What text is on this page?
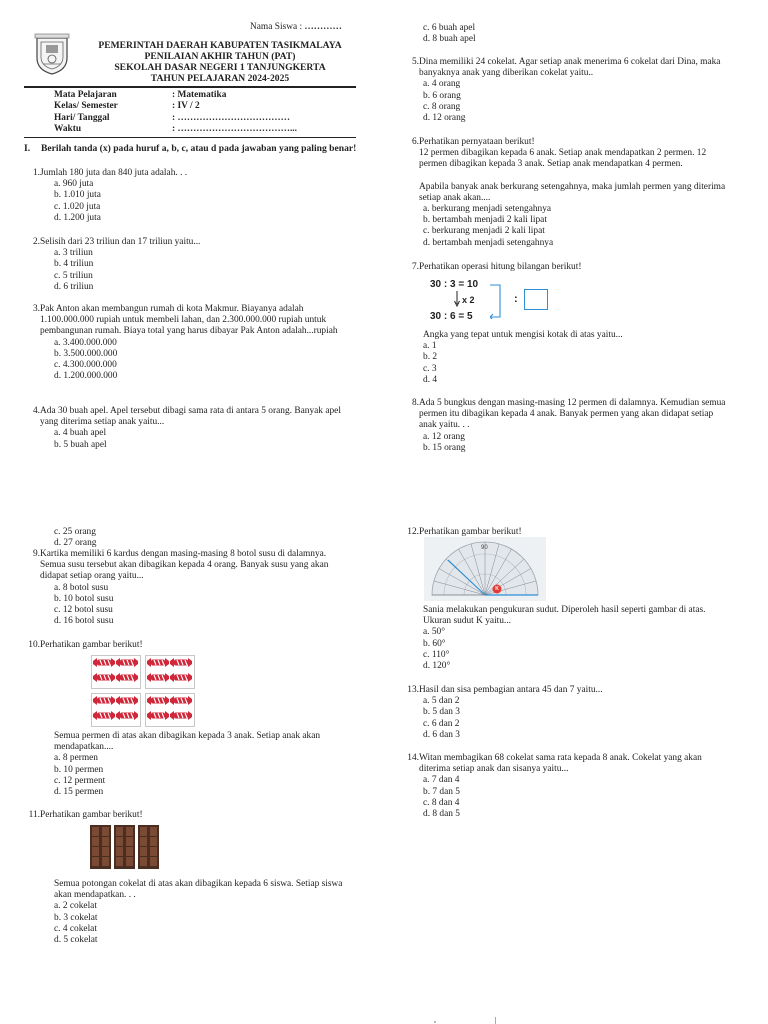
Nama Siswa : …………
PEMERINTAH DAERAH KABUPATEN TASIKMALAYA
PENILAIAN AKHIR TAHUN (PAT)
SEKOLAH DASAR NEGERI 1 TANJUNGKERTA
TAHUN PELAJARAN 2024-2025
Mata Pelajaran	: Matematika
Kelas/ Semester	: IV / 2
Hari/ Tanggal	: ………………………………
Waktu	: ………………………………...
I. Berilah tanda (x) pada huruf a, b, c, atau d pada jawaban yang paling benar!
1. Jumlah 180 juta dan 840 juta adalah. . .
a. 960 juta
b. 1.010 juta
c. 1.020 juta
d. 1.200 juta
2. Selisih dari 23 triliun dan 17 triliun yaitu...
a. 3 triliun
b. 4 triliun
c. 5 triliun
d. 6 triliun
3. Pak Anton akan membangun rumah di kota Makmur. Biayanya adalah 1.100.000.000 rupiah untuk membeli lahan, dan 2.300.000.000 rupiah untuk pembangunan rumah. Biaya total yang harus dibayar Pak Anton adalah...rupiah
a. 3.400.000.000
b. 3.500.000.000
c. 4.300.000.000
d. 1.200.000.000
4. Ada 30 buah apel. Apel tersebut dibagi sama rata di antara 5 orang. Banyak apel yang diterima setiap anak yaitu...
a. 4 buah apel
b. 5 buah apel
c. 6 buah apel
d. 8 buah apel
5. Dina memiliki 24 cokelat. Agar setiap anak menerima 6 cokelat dari Dina, maka banyaknya anak yang diberikan cokelat yaitu..
a. 4 orang
b. 6 orang
c. 8 orang
d. 12 orang
6. Perhatikan pernyataan berikut!
12 permen dibagikan kepada 6 anak. Setiap anak mendapatkan 2 permen. 12 permen dibagikan kepada 3 anak. Setiap anak mendapatkan 4 permen.
Apabila banyak anak berkurang setengahnya, maka jumlah permen yang diterima setiap anak akan....
a. berkurang menjadi setengahnya
b. bertambah menjadi 2 kali lipat
c. berkurang menjadi 2 kali lipat
d. bertambah menjadi setengahnya
7. Perhatikan operasi hitung bilangan berikut!
30 : 3 = 10
x 2
30 : 6 = 5
:
Angka yang tepat untuk mengisi kotak di atas yaitu...
a. 1
b. 2
c. 3
d. 4
8. Ada 5 bungkus dengan masing-masing 12 permen di dalamnya. Kemudian semua permen itu dibagikan kepada 4 anak. Banyak permen yang akan didapat setiap anak yaitu. . .
a. 12 orang
b. 15 orang
c. 25 orang
d. 27 orang
9. Kartika memiliki 6 kardus dengan masing-masing 8 botol susu di dalamnya. Semua susu tersebut akan dibagikan kepada 4 orang. Banyak susu yang akan didapat setiap orang yaitu...
a. 8 botol susu
b. 10 botol susu
c. 12 botol susu
d. 16 botol susu
10. Perhatikan gambar berikut!
Semua permen di atas akan dibagikan kepada 3 anak. Setiap anak akan mendapatkan....
a. 8 permen
b. 10 permen
c. 12 perment
d. 15 permen
11. Perhatikan gambar berikut!
Semua potongan cokelat di atas akan dibagikan kepada 6 siswa. Setiap siswa akan mendapatkan. . .
a. 2 cokelat
b. 3 cokelat
c. 4 cokelat
d. 5 cokelat
12. Perhatikan gambar berikut!
90
K
Sania melakukan pengukuran sudut. Diperoleh hasil seperti gambar di atas. Ukuran sudut K yaitu...
a. 50°
b. 60°
c. 110°
d. 120°
13. Hasil dan sisa pembagian antara 45 dan 7 yaitu...
a. 5 dan 2
b. 5 dan 3
c. 6 dan 2
d. 6 dan 3
14. Witan membagikan 68 cokelat sama rata kepada 8 anak. Cokelat yang akan diterima setiap anak dan sisanya yaitu...
a. 7 dan 4
b. 7 dan 5
c. 8 dan 4
d. 8 dan 5
